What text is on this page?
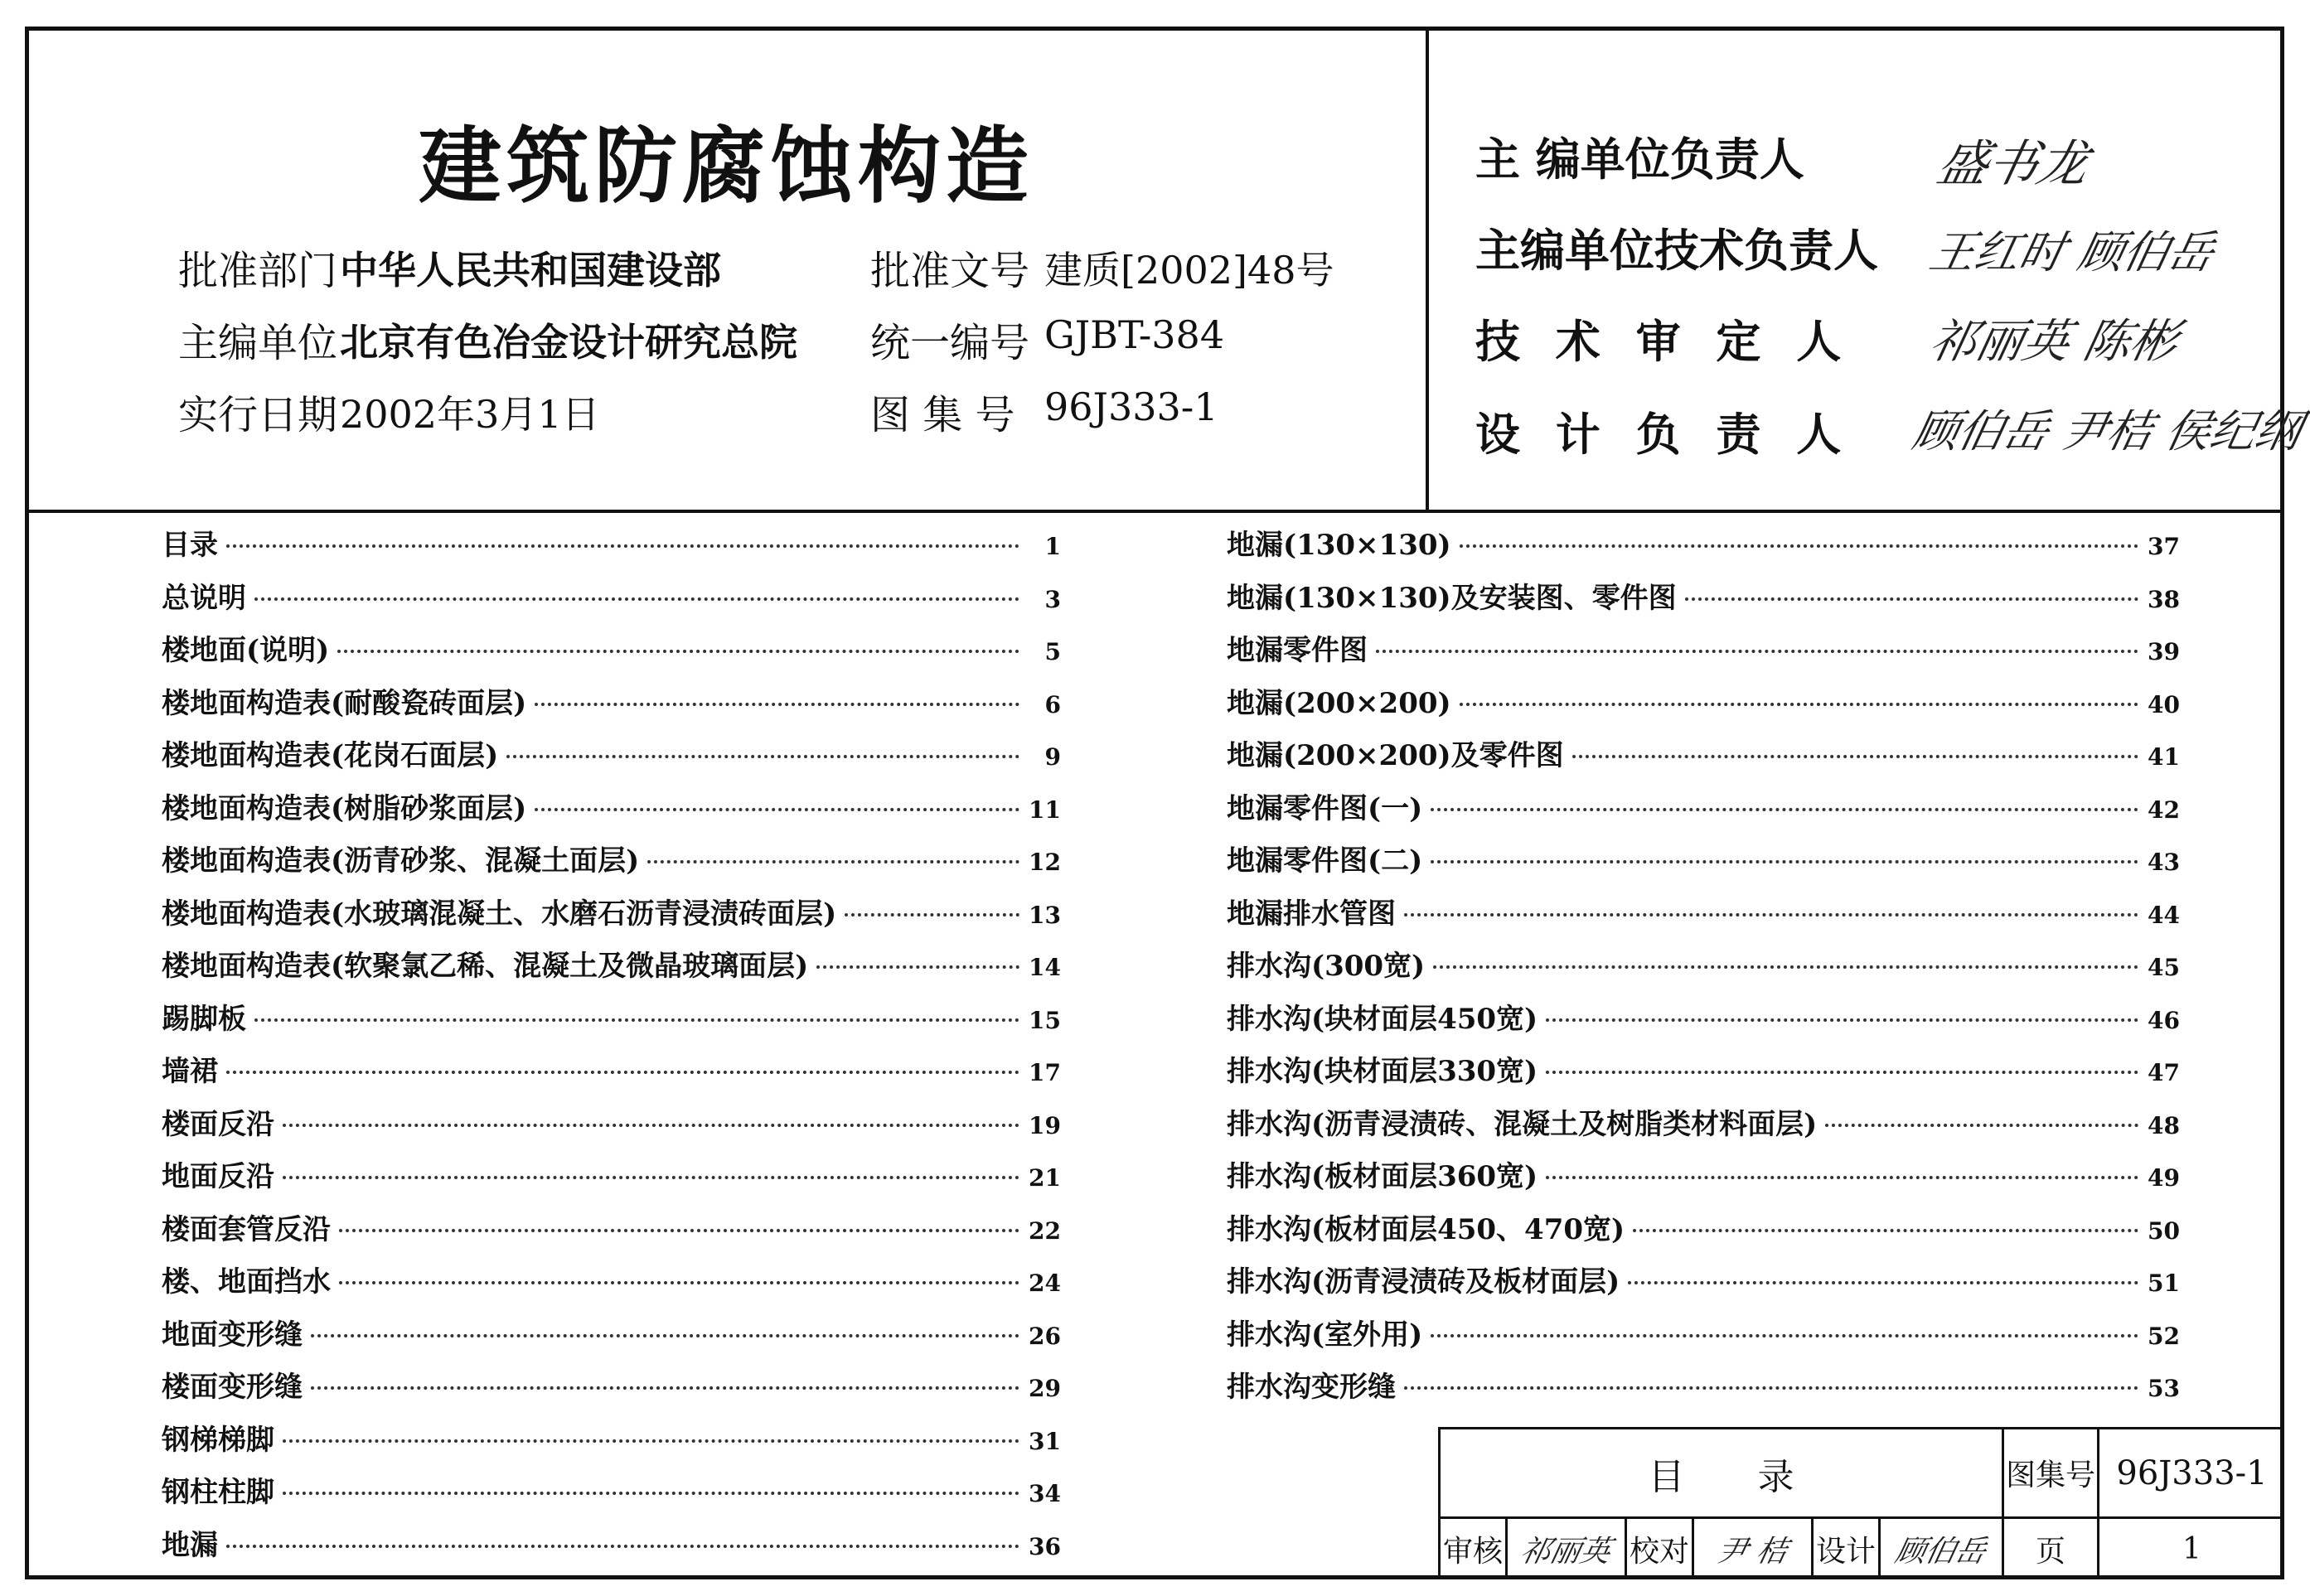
建筑防腐蚀构造
批准部门 中华人民共和国建设部
主编单位 北京有色冶金设计研究总院
实行日期 2002年3月1日
批准文号 建质[2002]48号
统一编号 GJBT-384
图 集 号 96J333-1
主 编单位负责人	盛书龙
主编单位技术负责人 王红时 顾伯岳
技 术 审 定 人 祁丽英 陈彬
设 计 负 责 人 顾伯岳 尹桔 侯纪纲
目录	1
总说明	3
楼地面(说明)	5
楼地面构造表(耐酸瓷砖面层)	6
楼地面构造表(花岗石面层)	9
楼地面构造表(树脂砂浆面层)	11
楼地面构造表(沥青砂浆、混凝土面层)	12
楼地面构造表(水玻璃混凝土、水磨石沥青浸渍砖面层)	13
楼地面构造表(软聚氯乙稀、混凝土及微晶玻璃面层)	14
踢脚板	15
墙裙	17
楼面反沿	19
地面反沿	21
楼面套管反沿	22
楼、地面挡水	24
地面变形缝	26
楼面变形缝	29
钢梯梯脚	31
钢柱柱脚	34
地漏	36
地漏(130×130)	37
地漏(130×130)及安装图、零件图	38
地漏零件图	39
地漏(200×200)	40
地漏(200×200)及零件图	41
地漏零件图(一)	42
地漏零件图(二)	43
地漏排水管图	44
排水沟(300宽)	45
排水沟(块材面层450宽)	46
排水沟(块材面层330宽)	47
排水沟(沥青浸渍砖、混凝土及树脂类材料面层)	48
排水沟(板材面层360宽)	49
排水沟(板材面层450、470宽)	50
排水沟(沥青浸渍砖及板材面层)	51
排水沟(室外用)	52
排水沟变形缝	53
目　　录	图集号 96J333-1
审核 祁丽英 校对 尹 桔 设计 顾伯岳	页	1
